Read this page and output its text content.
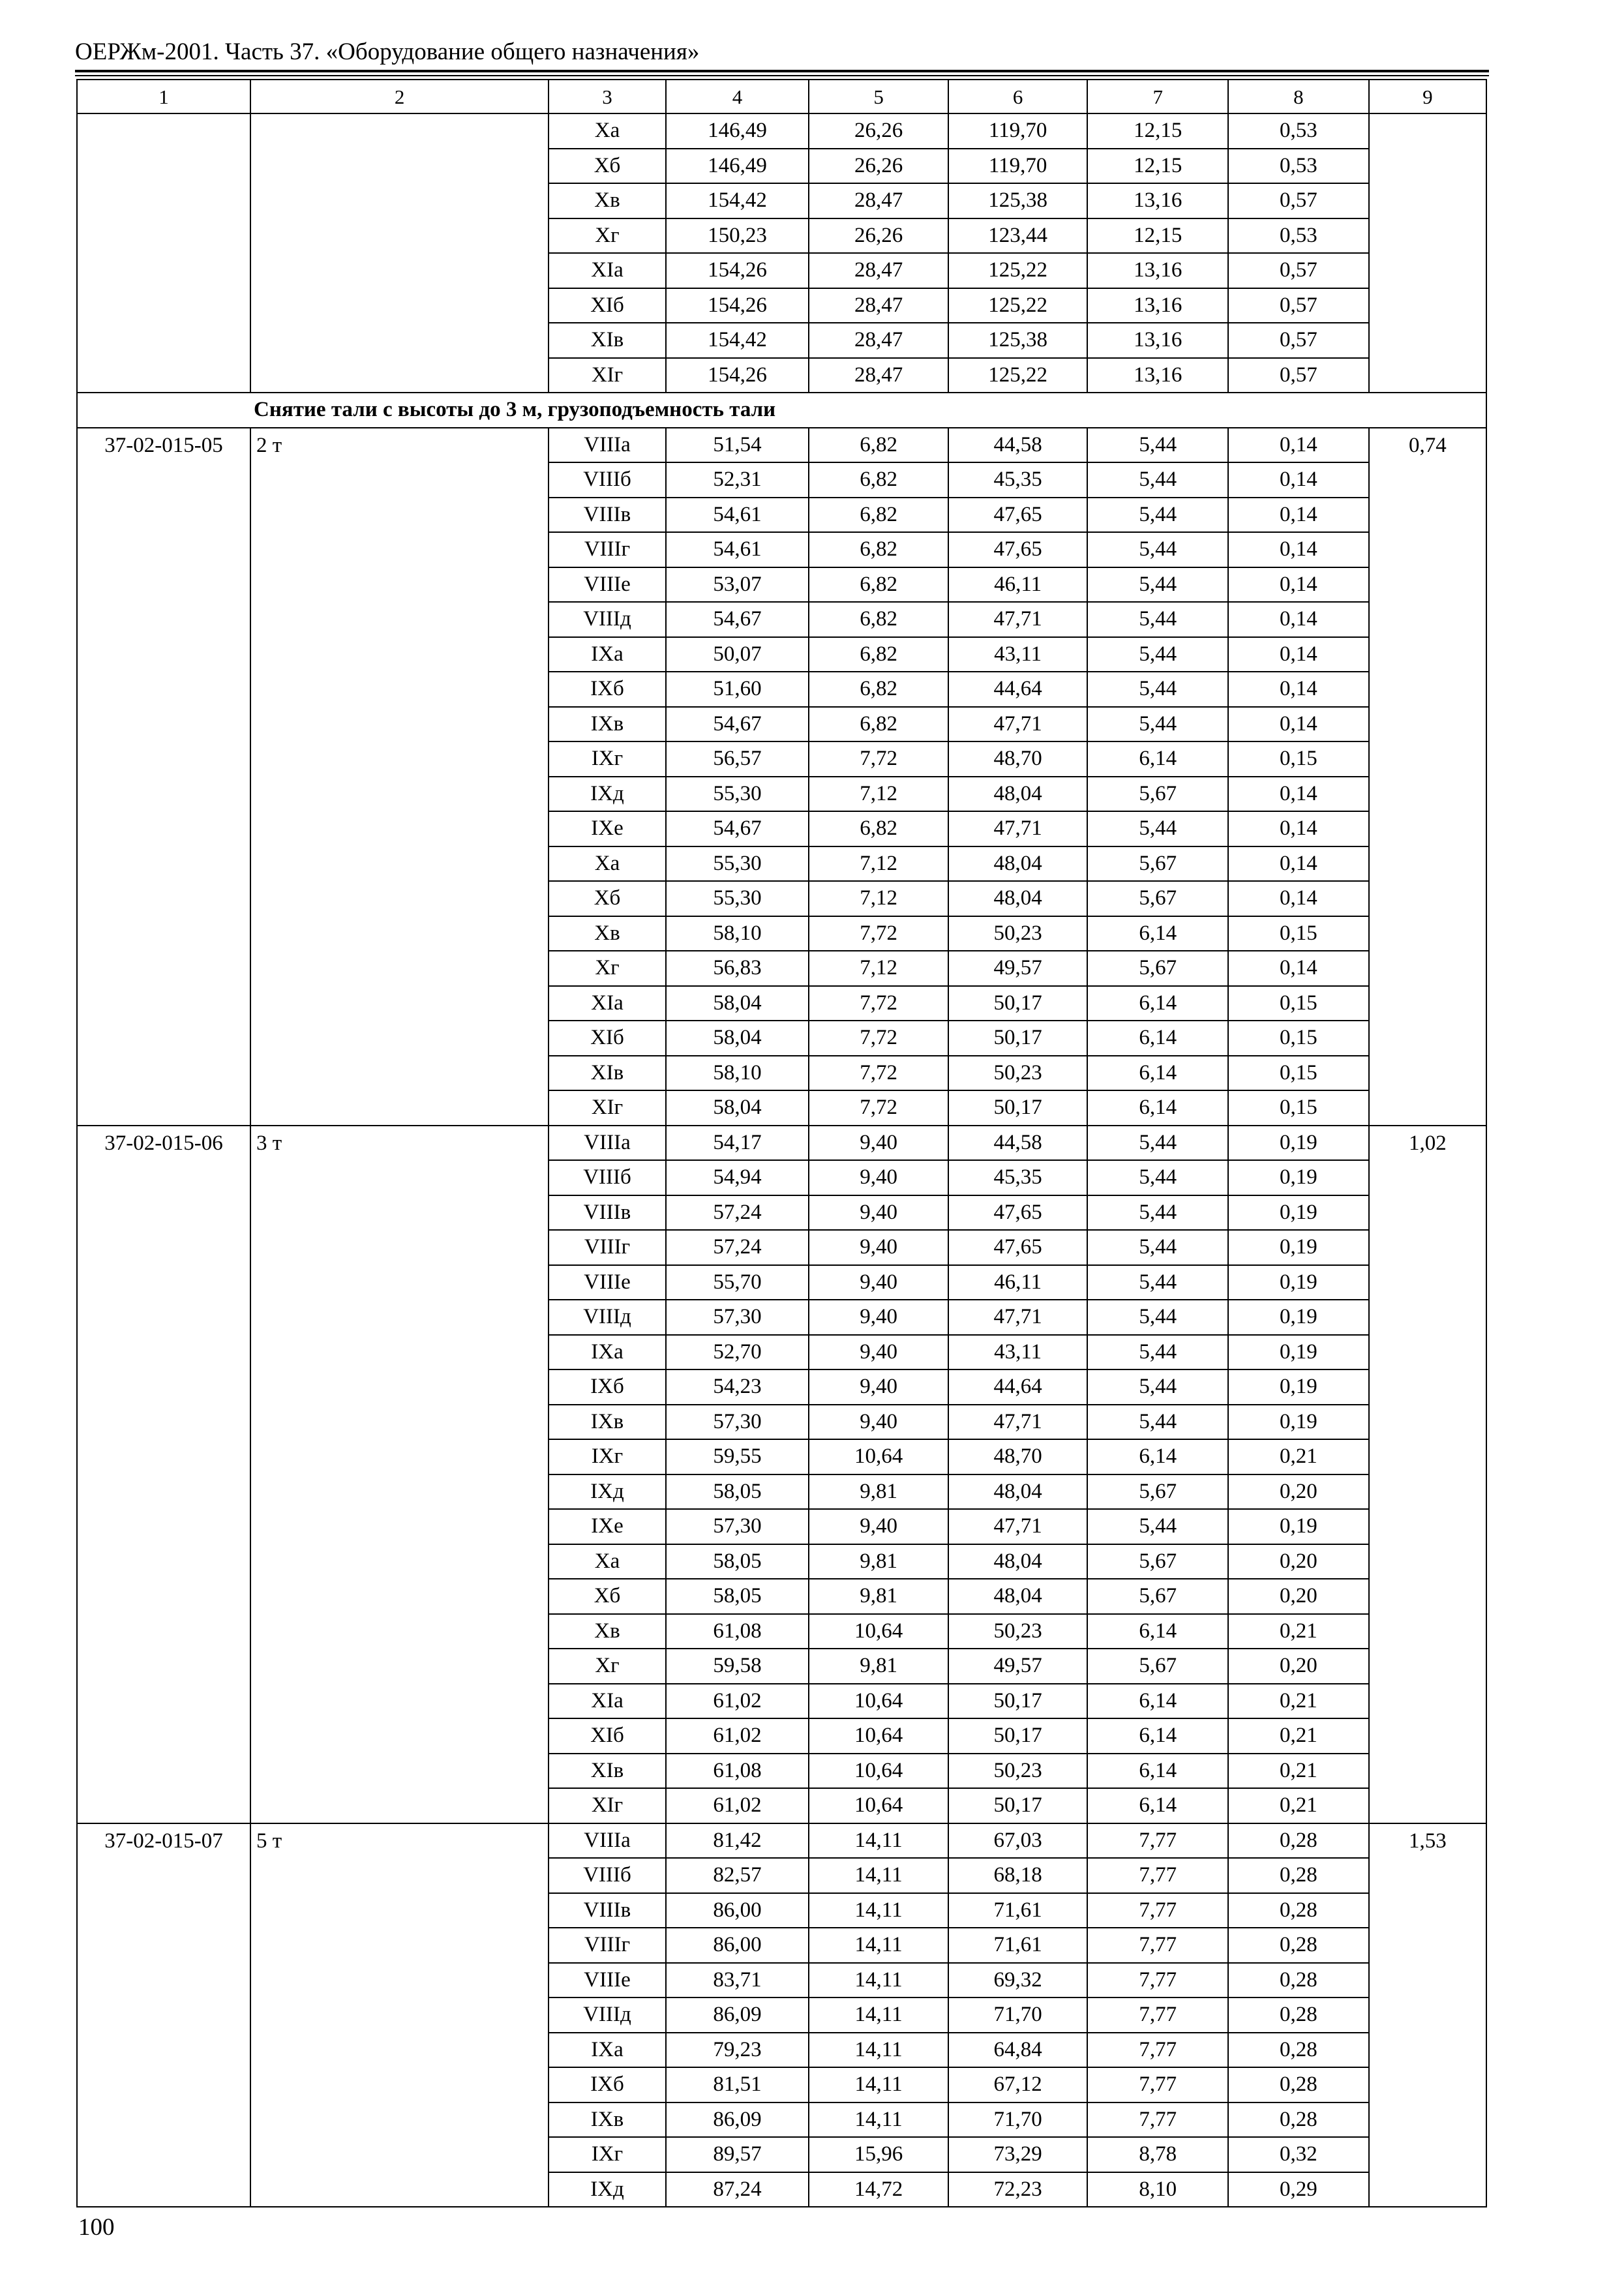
ОЕРЖм-2001. Часть 37. «Оборудование общего назначения»
1	2	3	4	5	6	7	8	9
		Xa	146,49	26,26	119,70	12,15	0,53	
		Xб	146,49	26,26	119,70	12,15	0,53	
		Xв	154,42	28,47	125,38	13,16	0,57	
		Xг	150,23	26,26	123,44	12,15	0,53	
		XIa	154,26	28,47	125,22	13,16	0,57	
		XIб	154,26	28,47	125,22	13,16	0,57	
		XIв	154,42	28,47	125,38	13,16	0,57	
		XIг	154,26	28,47	125,22	13,16	0,57	
Снятие тали с высоты до 3 м, грузоподъемность тали								
37-02-015-05	2 т	VIIIa	51,54	6,82	44,58	5,44	0,14	0,74
		VIIIб	52,31	6,82	45,35	5,44	0,14	
		VIIIв	54,61	6,82	47,65	5,44	0,14	
		VIIIг	54,61	6,82	47,65	5,44	0,14	
		VIIIe	53,07	6,82	46,11	5,44	0,14	
		VIIIд	54,67	6,82	47,71	5,44	0,14	
		IXa	50,07	6,82	43,11	5,44	0,14	
		IXб	51,60	6,82	44,64	5,44	0,14	
		IXв	54,67	6,82	47,71	5,44	0,14	
		IXг	56,57	7,72	48,70	6,14	0,15	
		IXд	55,30	7,12	48,04	5,67	0,14	
		IXe	54,67	6,82	47,71	5,44	0,14	
		Xa	55,30	7,12	48,04	5,67	0,14	
		Xб	55,30	7,12	48,04	5,67	0,14	
		Xв	58,10	7,72	50,23	6,14	0,15	
		Xг	56,83	7,12	49,57	5,67	0,14	
		XIa	58,04	7,72	50,17	6,14	0,15	
		XIб	58,04	7,72	50,17	6,14	0,15	
		XIв	58,10	7,72	50,23	6,14	0,15	
		XIг	58,04	7,72	50,17	6,14	0,15	
37-02-015-06	3 т	VIIIa	54,17	9,40	44,58	5,44	0,19	1,02
		VIIIб	54,94	9,40	45,35	5,44	0,19	
		VIIIв	57,24	9,40	47,65	5,44	0,19	
		VIIIг	57,24	9,40	47,65	5,44	0,19	
		VIIIe	55,70	9,40	46,11	5,44	0,19	
		VIIIд	57,30	9,40	47,71	5,44	0,19	
		IXa	52,70	9,40	43,11	5,44	0,19	
		IXб	54,23	9,40	44,64	5,44	0,19	
		IXв	57,30	9,40	47,71	5,44	0,19	
		IXг	59,55	10,64	48,70	6,14	0,21	
		IXд	58,05	9,81	48,04	5,67	0,20	
		IXe	57,30	9,40	47,71	5,44	0,19	
		Xa	58,05	9,81	48,04	5,67	0,20	
		Xб	58,05	9,81	48,04	5,67	0,20	
		Xв	61,08	10,64	50,23	6,14	0,21	
		Xг	59,58	9,81	49,57	5,67	0,20	
		XIa	61,02	10,64	50,17	6,14	0,21	
		XIб	61,02	10,64	50,17	6,14	0,21	
		XIв	61,08	10,64	50,23	6,14	0,21	
		XIг	61,02	10,64	50,17	6,14	0,21	
37-02-015-07	5 т	VIIIa	81,42	14,11	67,03	7,77	0,28	1,53
		VIIIб	82,57	14,11	68,18	7,77	0,28	
		VIIIв	86,00	14,11	71,61	7,77	0,28	
		VIIIг	86,00	14,11	71,61	7,77	0,28	
		VIIIe	83,71	14,11	69,32	7,77	0,28	
		VIIIд	86,09	14,11	71,70	7,77	0,28	
		IXa	79,23	14,11	64,84	7,77	0,28	
		IXб	81,51	14,11	67,12	7,77	0,28	
		IXв	86,09	14,11	71,70	7,77	0,28	
		IXг	89,57	15,96	73,29	8,78	0,32	
		IXд	87,24	14,72	72,23	8,10	0,29	
100
